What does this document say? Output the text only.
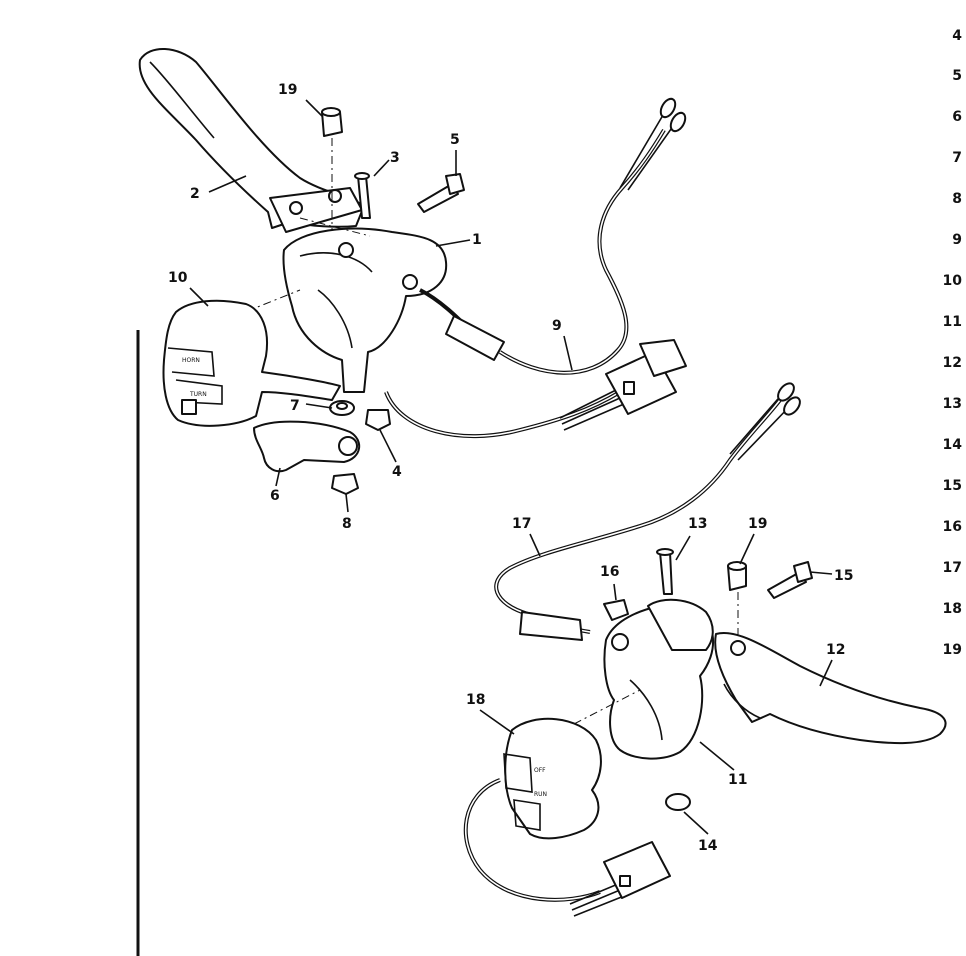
HORN
TURN
OFF
RUN
1
2
3
4
5
6
7
8
9
10
11
12
13
14
15
16
17
18
19
19
4
5
6
7
8
9
10
11
12
13
14
15
16
17
18
19
